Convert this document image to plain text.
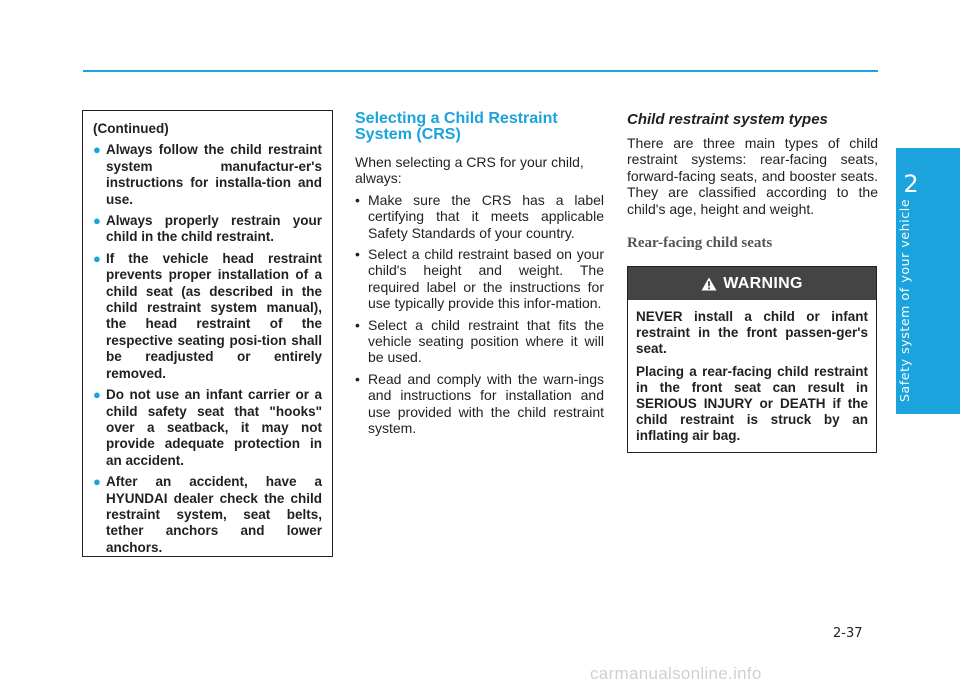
2
Safety system of your vehicle
(Continued)
● Always follow the child restraint system manufactur-er's instructions for installa-tion and use.
● Always properly restrain your child in the child restraint.
● If the vehicle head restraint prevents proper installation of a child seat (as described in the child restraint system manual), the head restraint of the respective seating posi-tion shall be readjusted or entirely removed.
● Do not use an infant carrier or a child safety seat that "hooks" over a seatback, it may not provide adequate protection in an accident.
● After an accident, have a HYUNDAI dealer check the child restraint system, seat belts, tether anchors and lower anchors.
Selecting a Child Restraint System (CRS)

When selecting a CRS for your child, always:

• Make sure the CRS has a label certifying that it meets applicable Safety Standards of your country.
• Select a child restraint based on your child's height and weight. The required label or the instructions for use typically provide this infor-mation.
• Select a child restraint that fits the vehicle seating position where it will be used.
• Read and comply with the warn-ings and instructions for installation and use provided with the child restraint system.
Child restraint system types

There are three main types of child restraint systems: rear-facing seats, forward-facing seats, and booster seats. They are classified according to the child's age, height and weight.

Rear-facing child seats
WARNING

NEVER install a child or infant restraint in the front passen-ger's seat.

Placing a rear-facing child restraint in the front seat can result in SERIOUS INJURY or DEATH if the child restraint is struck by an inflating air bag.

2-37
carmanualsonline.info
